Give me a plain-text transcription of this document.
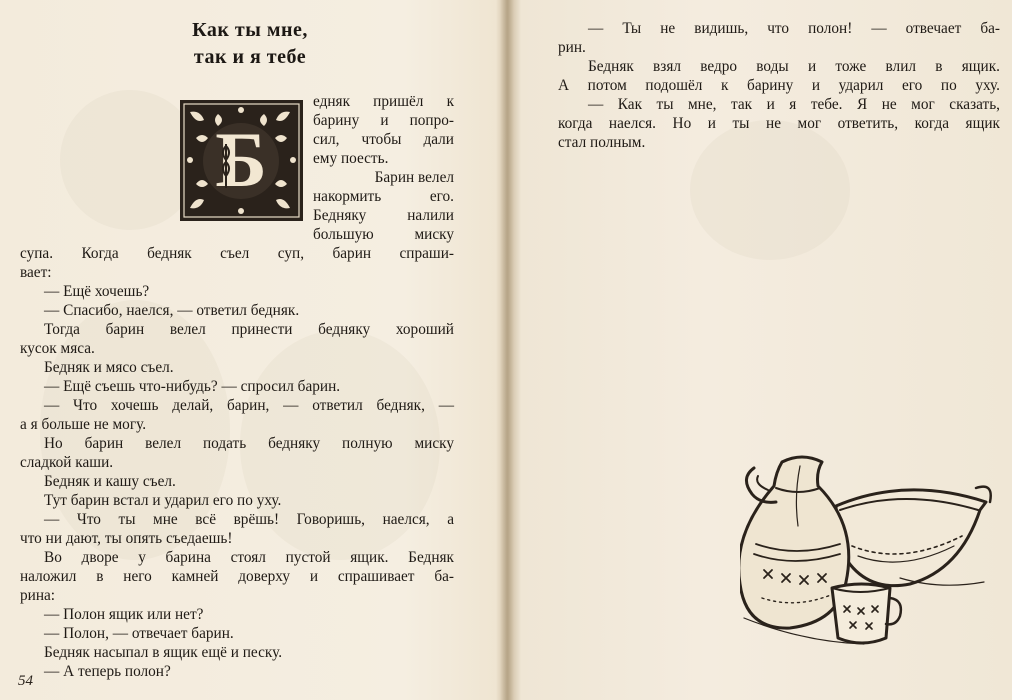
Как ты мне,
так и я тебе
Б
едняк пришёл к
барину и попро-
сил, чтобы дали
ему поесть.
Барин велел
накормить его.
Бедняку налили
большую миску
супа. Когда бедняк съел суп, барин спраши-
вает:
— Ещё хочешь?
— Спасибо, наелся, — ответил бедняк.
Тогда барин велел принести бедняку хороший
кусок мяса.
Бедняк и мясо съел.
— Ещё съешь что-нибудь? — спросил барин.
— Что хочешь делай, барин, — ответил бедняк, —
а я больше не могу.
Но барин велел подать бедняку полную миску
сладкой каши.
Бедняк и кашу съел.
Тут барин встал и ударил его по уху.
— Что ты мне всё врёшь! Говоришь, наелся, а
что ни дают, ты опять съедаешь!
Во дворе у барина стоял пустой ящик. Бедняк
наложил в него камней доверху и спрашивает ба-
рина:
— Полон ящик или нет?
— Полон, — отвечает барин.
Бедняк насыпал в ящик ещё и песку.
— А теперь полон?
54
— Ты не видишь, что полон! — отвечает ба-
рин.
Бедняк взял ведро воды и тоже влил в ящик.
А потом подошёл к барину и ударил его по уху.
— Как ты мне, так и я тебе. Я не мог сказать,
когда наелся. Но и ты не мог ответить, когда ящик
стал полным.
